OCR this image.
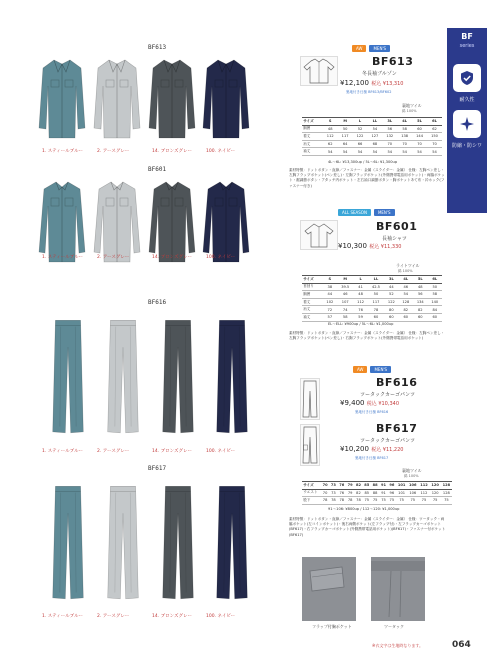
BF
series
耐久性
防縮・防シワ
BF613
1. スティールブルー	2. アースグレー	14. ブロンズグレー	100. ネイビー
BF601
1. スティールブルー	2. アースグレー	14. ブロンズグレー	100. ネイビー
BF616
1. スティールブルー	2. アースグレー	14. ブロンズグレー	100. ネイビー
BF617
1. スティールブルー	2. アースグレー	14. ブロンズグレー	100. ネイビー
AW	MEN'S
BF613
冬長袖ブルゾン
¥12,100 税込 ¥13,310
裏地付き仕様 BF613/BF602
裏地ツイル
綿 100%
サイズ	S	M	L	LL	3L	4L	5L	6L
胸囲	48	50	52	54	56	58	60	62
着丈	112	117	122	127	132	138	144	150
裄丈	62	64	66	68	70	70	70	70
袖丈	54	54	54	54	54	54	54	54
4L〜6L: ¥13,300up / 5L〜6L: ¥1,300up
素材特徴：ドットボタン・直線／ファスナー：金属（スライダー：金属） 仕様：左胸ペン差し・左胸フラップポケット(ペン差し)・左胸フラップポケット(外側携帯電話用ポケット)・両脇ポケット・裾調節ボタン・アタッチ内ポケット・左右袖口調節ボタン・胸ポケットあて布・衿ホック(ファスナー付き)
ALL SEASON	MEN'S
BF601
長袖シャツ
¥10,300 税込 ¥11,330
ライトツイル
綿 100%
サイズ	S	M	L	LL	3L	4L	5L	6L
首回り	38	39.5	41	42.5	44	46	48	50
胸囲	44	46	48	50	52	54	56	58
着丈	102	107	112	117	122	128	134	140
裄丈	72	74	76	78	80	82	82	84
袖丈	57	58	59	60	60	60	60	60
EL〜ELL: ¥900up / 5L〜6L: ¥1,000up
素材特徴：ドットボタン・直線／ファスナー：金属（スライダー：金属） 仕様：左胸ペン差し・左胸フラップポケット(ペン差し)・右胸フラップポケット(外側携帯電話用ポケット)
AW	MEN'S
BF616
ツータックカーゴパンツ
¥9,400 税込 ¥10,340
裏地付き仕様 BF616
BF617
ツータックカーゴパンツ
¥10,200 税込 ¥11,220
裏地付き仕様 BF617
裏地ツイル
綿 100%
サイズ	70	73	76	79	82	85	88	91	96	101	106	112	120	128
ウエスト	70	73	76	79	82	85	88	91	96	101	106	112	120	128
股下	78	78	78	78	78	75	75	75	75	75	75	75	75	75
91〜106: ¥800up / 112〜120: ¥1,000up
素材特徴：ドットボタン・直線／ファスナー：金属（スライダー：金属） 仕様：ツータック・両脇ポケット(左コインポケット)・後右両側ポケット(左フラップ付)・左フラップカーゴポケット(BF617)・右フラップカーゴポケット(外側携帯電話用ポケット)(BF617)・ファスナー付ポケット(BF617)
フラップ付胸ポケット	ツータック
※衣文字は生地時なります。	064
